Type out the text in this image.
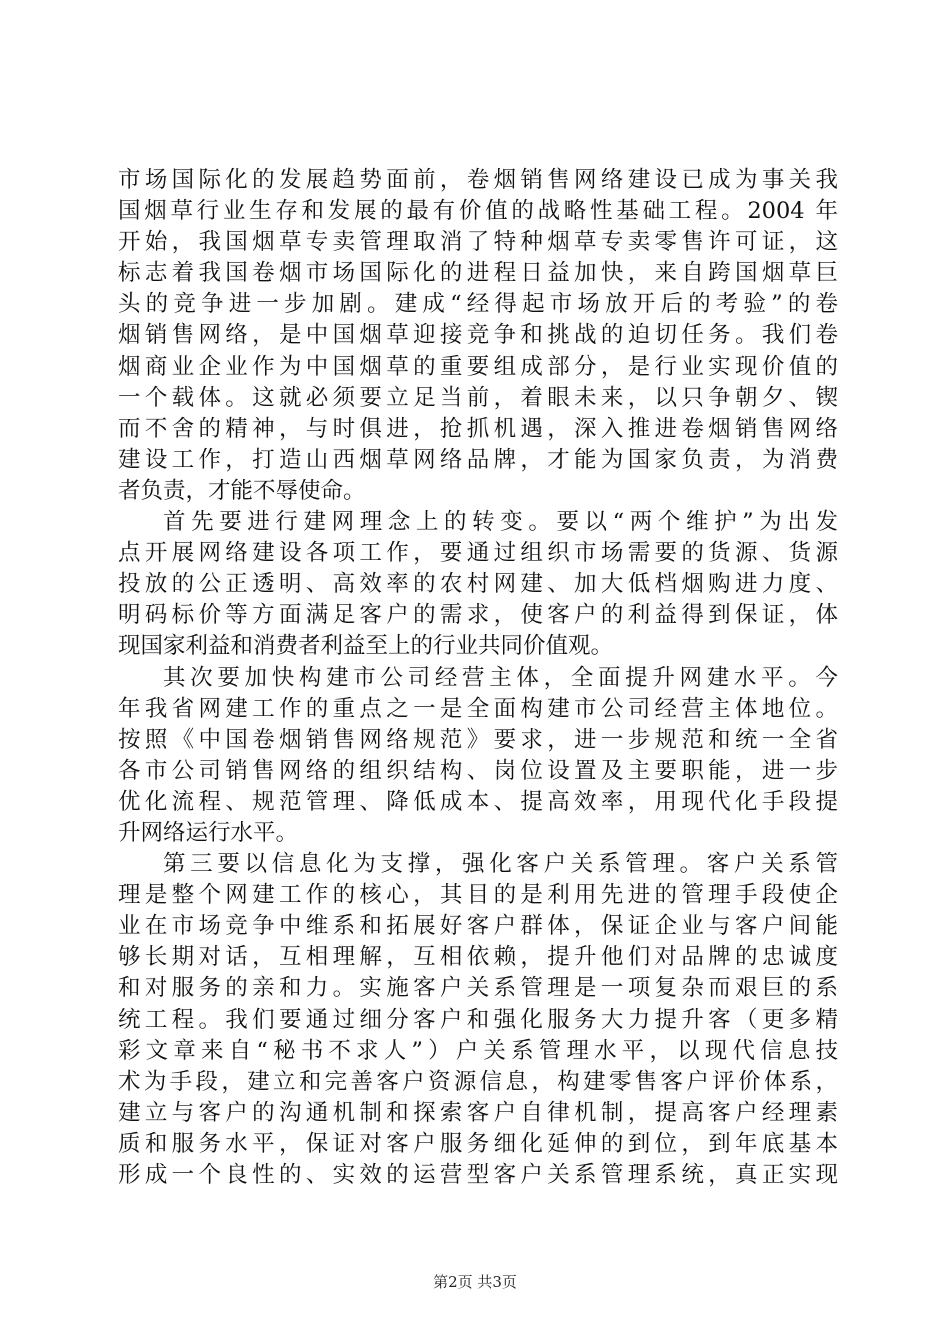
市场国际化的发展趋势面前，卷烟销售网络建设已成为事关我
国烟草行业生存和发展的最有价值的战略性基础工程。2004 年
开始，我国烟草专卖管理取消了特种烟草专卖零售许可证，这
标志着我国卷烟市场国际化的进程日益加快，来自跨国烟草巨
头的竞争进一步加剧。建成“经得起市场放开后的考验”的卷
烟销售网络，是中国烟草迎接竞争和挑战的迫切任务。我们卷
烟商业企业作为中国烟草的重要组成部分，是行业实现价值的
一个载体。这就必须要立足当前，着眼未来，以只争朝夕、锲
而不舍的精神，与时俱进，抢抓机遇，深入推进卷烟销售网络
建设工作，打造山西烟草网络品牌，才能为国家负责，为消费
者负责，才能不辱使命。
首先要进行建网理念上的转变。要以“两个维护”为出发
点开展网络建设各项工作，要通过组织市场需要的货源、货源
投放的公正透明、高效率的农村网建、加大低档烟购进力度、
明码标价等方面满足客户的需求，使客户的利益得到保证，体
现国家利益和消费者利益至上的行业共同价值观。
其次要加快构建市公司经营主体，全面提升网建水平。今
年我省网建工作的重点之一是全面构建市公司经营主体地位。
按照《中国卷烟销售网络规范》要求，进一步规范和统一全省
各市公司销售网络的组织结构、岗位设置及主要职能，进一步
优化流程、规范管理、降低成本、提高效率，用现代化手段提
升网络运行水平。
第三要以信息化为支撑，强化客户关系管理。客户关系管
理是整个网建工作的核心，其目的是利用先进的管理手段使企
业在市场竞争中维系和拓展好客户群体，保证企业与客户间能
够长期对话，互相理解，互相依赖，提升他们对品牌的忠诚度
和对服务的亲和力。实施客户关系管理是一项复杂而艰巨的系
统工程。我们要通过细分客户和强化服务大力提升客（更多精
彩文章来自“秘书不求人”）户关系管理水平，以现代信息技
术为手段，建立和完善客户资源信息，构建零售客户评价体系，
建立与客户的沟通机制和探索客户自律机制，提高客户经理素
质和服务水平，保证对客户服务细化延伸的到位，到年底基本
形成一个良性的、实效的运营型客户关系管理系统，真正实现
第2页 共3页
